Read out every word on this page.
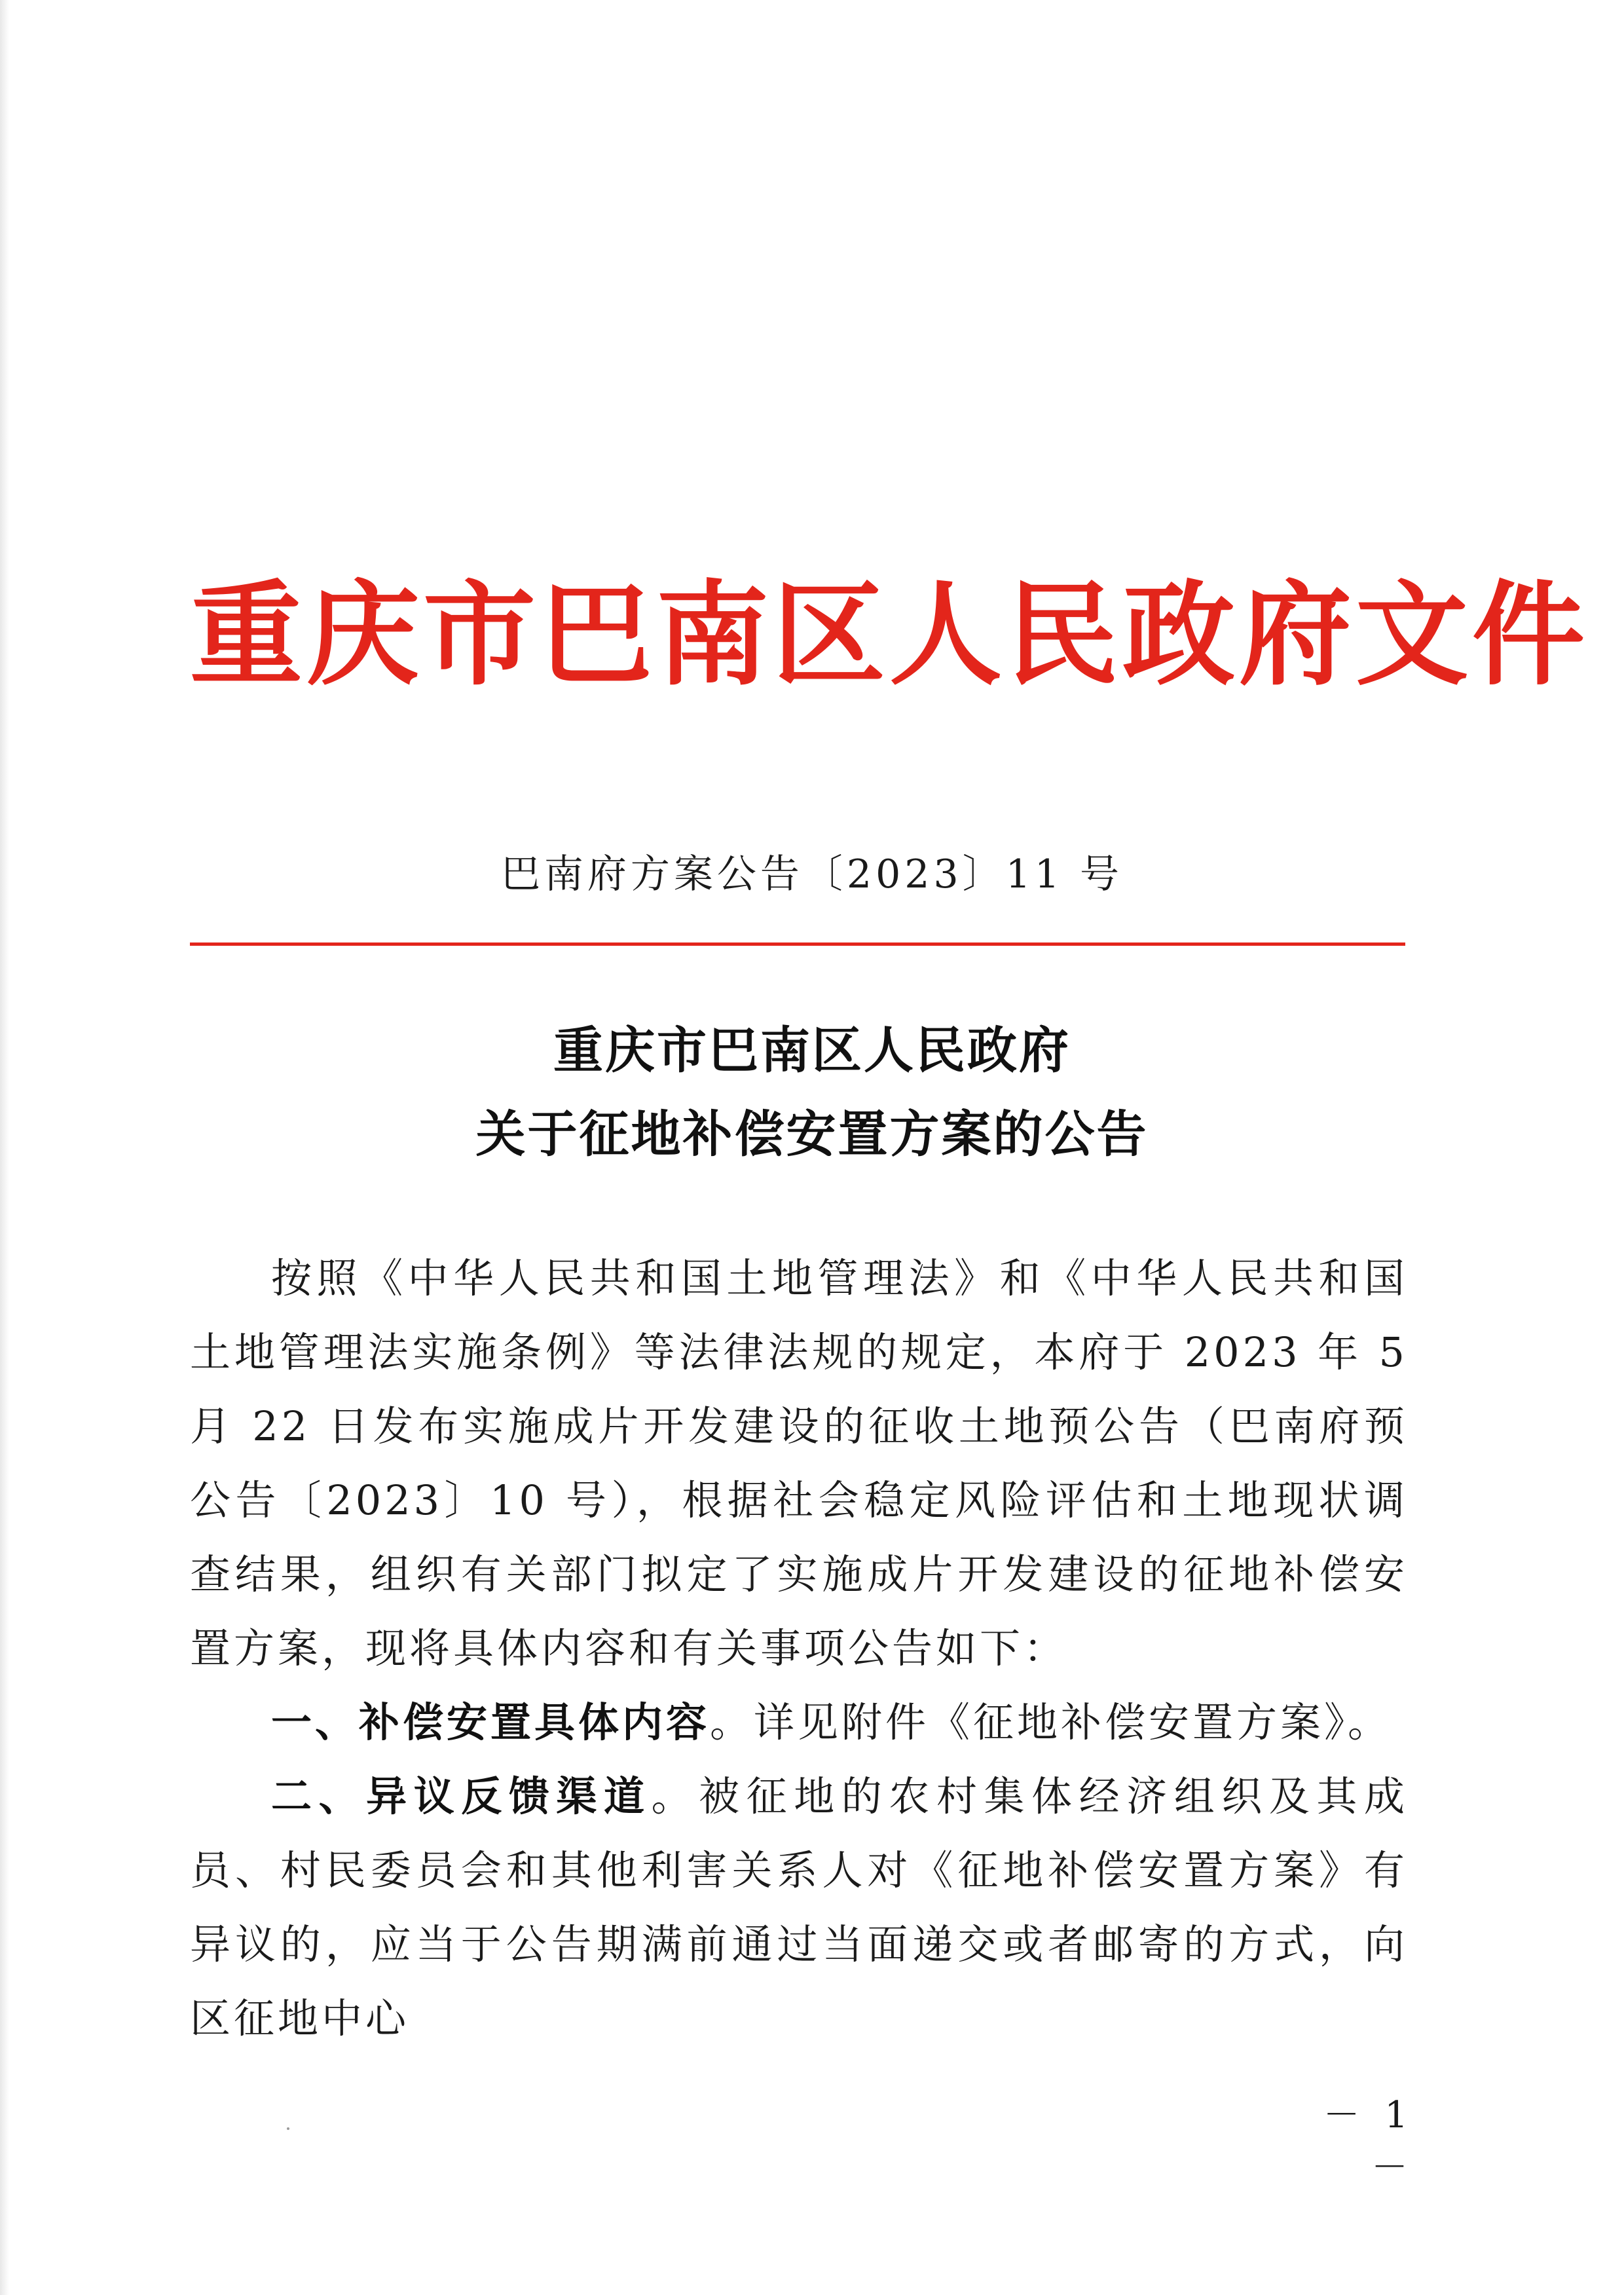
重庆市巴南区人民政府文件
巴南府方案公告〔2023〕11 号
重庆市巴南区人民政府
关于征地补偿安置方案的公告

按照《中华人民共和国土地管理法》和《中华人民共和国土地管理法实施条例》等法律法规的规定，本府于 2023 年 5 月 22 日发布实施成片开发建设的征收土地预公告（巴南府预公告〔2023〕10 号），根据社会稳定风险评估和土地现状调查结果，组织有关部门拟定了实施成片开发建设的征地补偿安置方案，现将具体内容和有关事项公告如下：

一、补偿安置具体内容。详见附件《征地补偿安置方案》。

二、异议反馈渠道。被征地的农村集体经济组织及其成员、村民委员会和其他利害关系人对《征地补偿安置方案》有异议的，应当于公告期满前通过当面递交或者邮寄的方式，向区征地中心

－ 1 －
